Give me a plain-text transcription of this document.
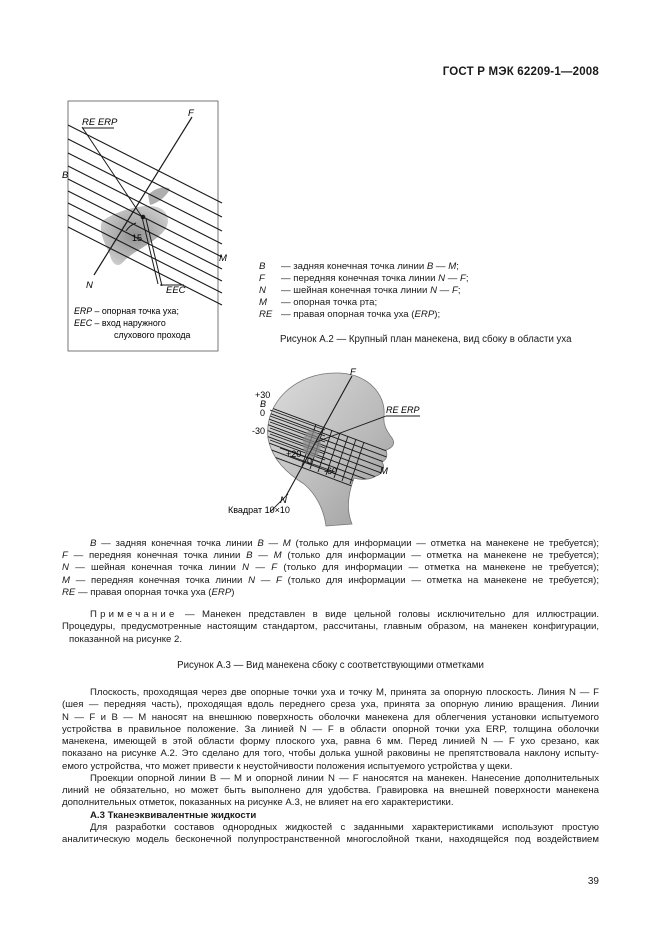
ГОСТ Р МЭК 62209-1—2008
RE ERP
F
B
M
N	EEC
15
ERP – опорная точка уха;
EEC – вход наружного
слухового прохода
B — задняя конечная точка линии B — M;
F — передняя конечная точка линии N — F;
N — шейная конечная точка линии N — F;
M — опорная точка рта;
RE — правая опорная точка уха (ERP);
Рисунок А.2 — Крупный план манекена, вид сбоку в области уха
F
+30
B
0
-30
RE ERP
+20
0
-60	M
N
Квадрат 10×10
B — задняя конечная точка линии B — M (только для информации — отметка на манекене не требуется);
F — передняя конечная точка линии B — M (только для информации — отметка на манекене не требуется);
N — шейная конечная точка линии N — F (только для информации — отметка на манекене не требуется);
M — передняя конечная точка линии N — F (только для информации — отметка на манекене не требуется);
RE — правая опорная точка уха (ERP)
Примечание — Манекен представлен в виде цельной головы исключительно для иллюстрации.
Процедуры, предусмотренные настоящим стандартом, рассчитаны, главным образом, на манекен конфигурации,
показанной на рисунке 2.
Рисунок А.3 — Вид манекена сбоку с соответствующими отметками
Плоскость, проходящая через две опорные точки уха и точку M, принята за опорную плоскость. Линия N — F
(шея — передняя часть), проходящая вдоль переднего среза уха, принята за опорную линию вращения. Линии
N — F и B — M наносят на внешнюю поверхность оболочки манекена для облегчения установки испытуемого
устройства в правильное положение. За линией N — F в области опорной точки уха ERP, толщина оболочки
манекена, имеющей в этой области форму плоского уха, равна 6 мм. Перед линией N — F ухо срезано, как
показано на рисунке А.2. Это сделано для того, чтобы долька ушной раковины не препятствовала наклону испыту-
емого устройства, что может привести к неустойчивости положения испытуемого устройства у щеки.
Проекции опорной линии B — M и опорной линии N — F наносятся на манекен. Нанесение дополнительных
линий не обязательно, но может быть выполнено для удобства. Гравировка на внешней поверхности манекена
дополнительных отметок, показанных на рисунке А.3, не влияет на его характеристики.
А.3 Тканеэквивалентные жидкости
Для разработки составов однородных жидкостей с заданными характеристиками используют простую
аналитическую модель бесконечной полупространственной многослойной ткани, находящейся под воздействием
39
